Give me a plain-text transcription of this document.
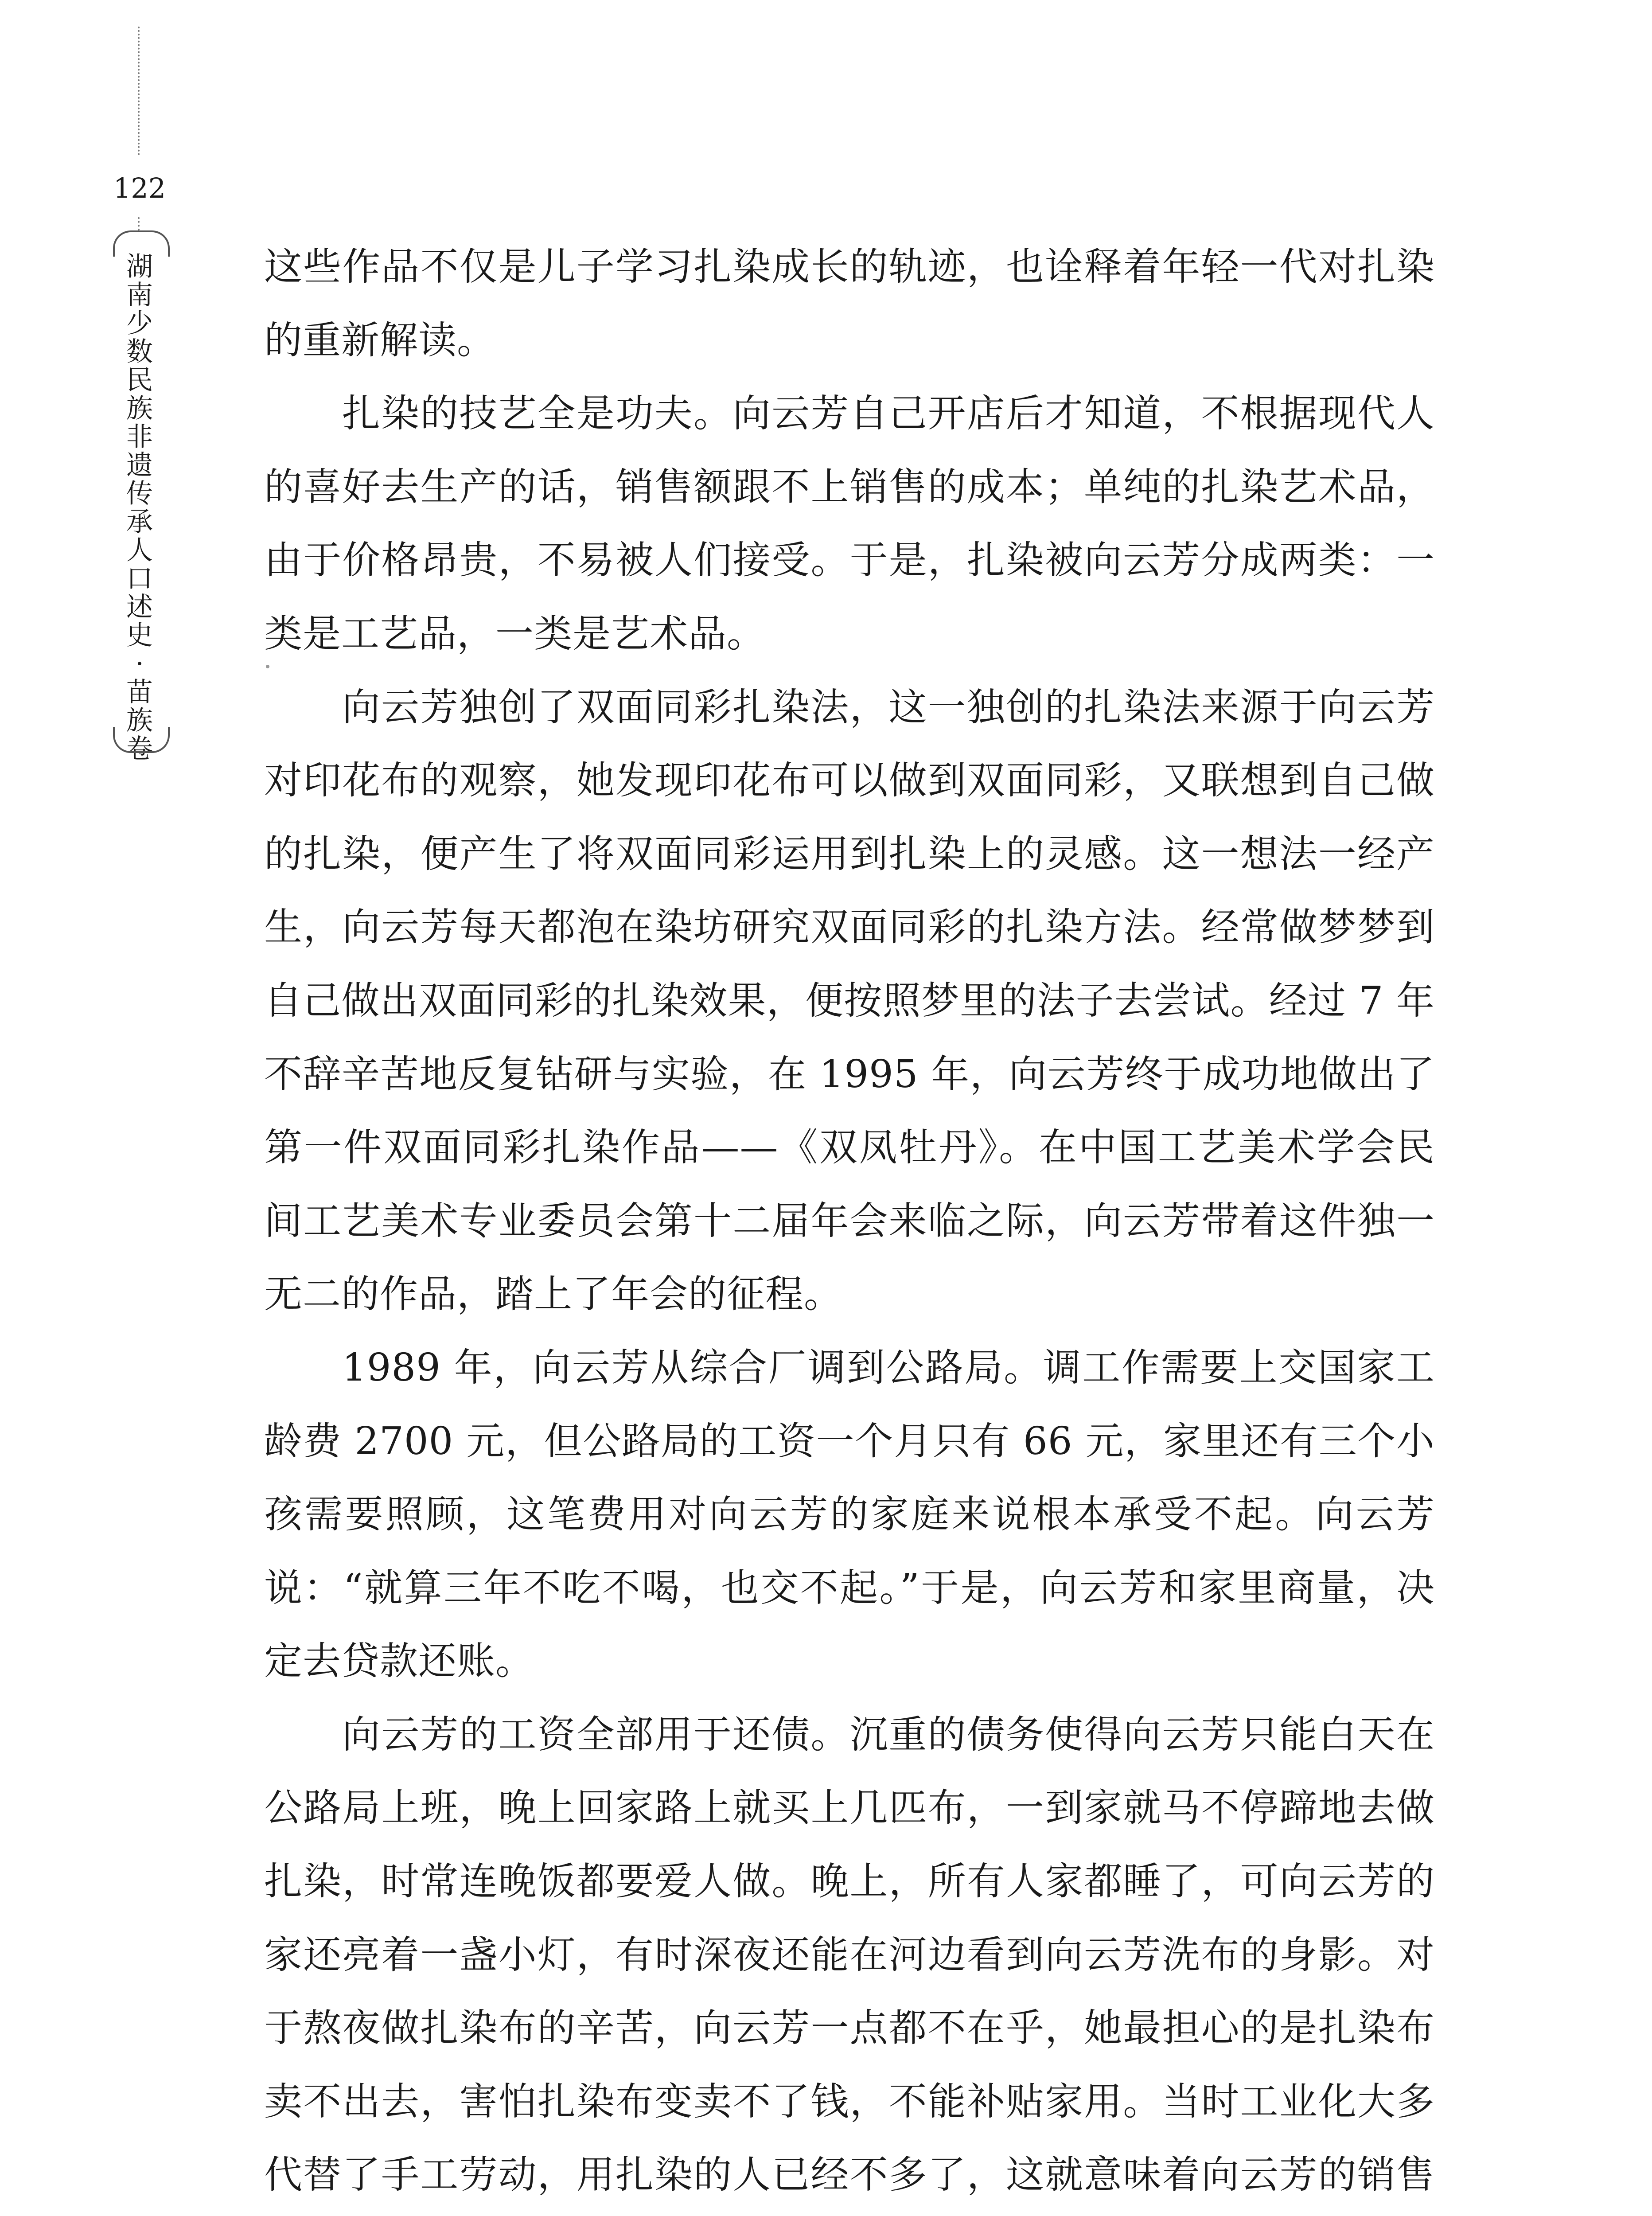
122
湖
南
少
数
民
族
非
遗
传
承
人
口
述
史
·
苗
族
卷

这些作品不仅是儿子学习扎染成长的轨迹，也诠释着年轻一代对扎染的重新解读。

扎染的技艺全是功夫。向云芳自己开店后才知道，不根据现代人的喜好去生产的话，销售额跟不上销售的成本；单纯的扎染艺术品，由于价格昂贵，不易被人们接受。于是，扎染被向云芳分成两类：一类是工艺品，一类是艺术品。

向云芳独创了双面同彩扎染法，这一独创的扎染法来源于向云芳对印花布的观察，她发现印花布可以做到双面同彩，又联想到自己做的扎染，便产生了将双面同彩运用到扎染上的灵感。这一想法一经产生，向云芳每天都泡在染坊研究双面同彩的扎染方法。经常做梦梦到自己做出双面同彩的扎染效果，便按照梦里的法子去尝试。经过 7 年不辞辛苦地反复钻研与实验，在 1995 年，向云芳终于成功地做出了第一件双面同彩扎染作品——《双凤牡丹》。在中国工艺美术学会民间工艺美术专业委员会第十二届年会来临之际，向云芳带着这件独一无二的作品，踏上了年会的征程。

1989 年，向云芳从综合厂调到公路局。调工作需要上交国家工龄费 2700 元，但公路局的工资一个月只有 66 元，家里还有三个小孩需要照顾，这笔费用对向云芳的家庭来说根本承受不起。向云芳说：“就算三年不吃不喝，也交不起。”于是，向云芳和家里商量，决定去贷款还账。

向云芳的工资全部用于还债。沉重的债务使得向云芳只能白天在公路局上班，晚上回家路上就买上几匹布，一到家就马不停蹄地去做扎染，时常连晚饭都要爱人做。晚上，所有人家都睡了，可向云芳的家还亮着一盏小灯，有时深夜还能在河边看到向云芳洗布的身影。对于熬夜做扎染布的辛苦，向云芳一点都不在乎，她最担心的是扎染布卖不出去，害怕扎染布变卖不了钱，不能补贴家用。当时工业化大多代替了手工劳动，用扎染的人已经不多了，这就意味着向云芳的销售
